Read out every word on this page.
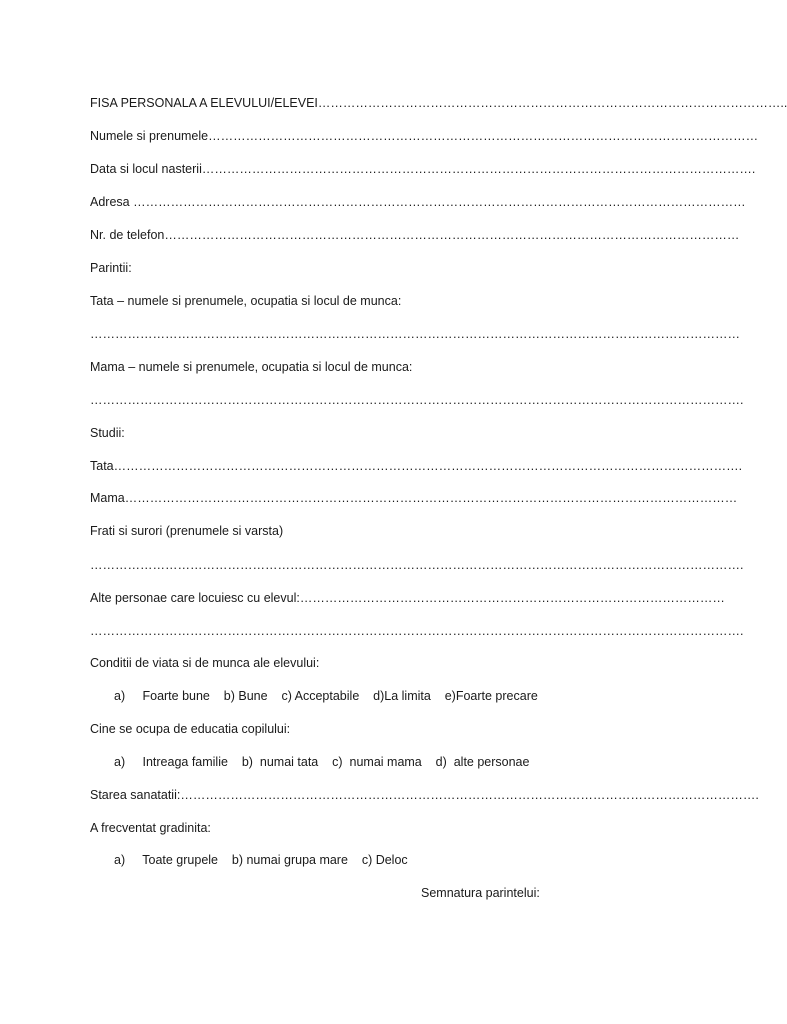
FISA PERSONALA A ELEVULUI/ELEVEI…………………………………………………………………………………………………..
Numele si prenumele……………………………………………………………………………………………………………………
Data si locul nasterii…………………………………………………………………………………………………………………….
Adresa …………………………………………………………………………………………………………………………………
Nr. de telefon…………………………………………………………………………………………………………………………
Parintii:
Tata – numele si prenumele, ocupatia si locul de munca:
…………………………………………………………………………………………………………………………………………
Mama – numele si prenumele, ocupatia si locul de munca:
………………………………………………………………………………………………………………………………………….
Studii:
Tata…………………………………………………………………………………………………………………………………….
Mama…………………………………………………………………………………………………………………………………
Frati si surori (prenumele si varsta)
………………………………………………………………………………………………………………………………………….
Alte personae care locuiesc cu elevul:…………………………………………………………………………………………
………………………………………………………………………………………………………………………………………….
Conditii de viata si de munca ale elevului:
a)     Foarte bune    b) Bune    c) Acceptabile    d)La limita    e)Foarte precare
Cine se ocupa de educatia copilului:
a)     Intreaga familie    b)  numai tata    c)  numai mama    d)  alte personae
Starea sanatatii:………………………………………………………………………………………………………………………….
A frecventat gradinita:
a)     Toate grupele    b) numai grupa mare    c) Deloc
Semnatura parintelui:
